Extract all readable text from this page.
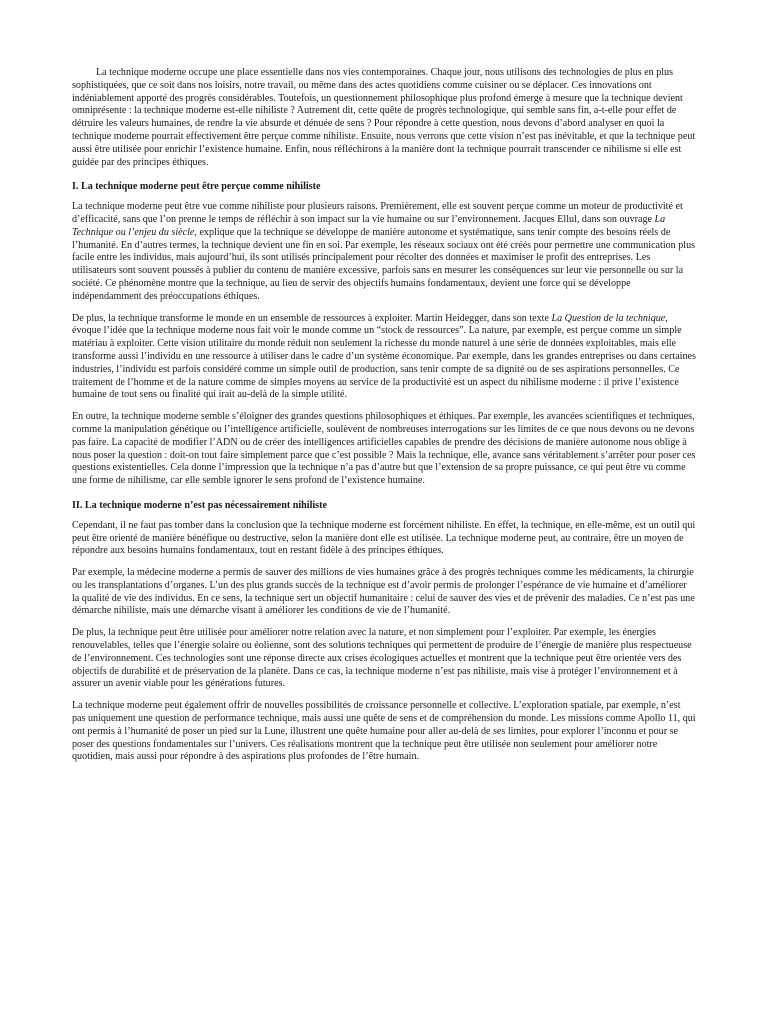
La technique moderne occupe une place essentielle dans nos vies contemporaines. Chaque jour, nous utilisons des technologies de plus en plus sophistiquées, que ce soit dans nos loisirs, notre travail, ou même dans des actes quotidiens comme cuisiner ou se déplacer. Ces innovations ont indéniablement apporté des progrès considérables. Toutefois, un questionnement philosophique plus profond émerge à mesure que la technique devient omniprésente : la technique moderne est-elle nihiliste ? Autrement dit, cette quête de progrès technologique, qui semble sans fin, a-t-elle pour effet de détruire les valeurs humaines, de rendre la vie absurde et dénuée de sens ? Pour répondre à cette question, nous devons d’abord analyser en quoi la technique moderne pourrait effectivement être perçue comme nihiliste. Ensuite, nous verrons que cette vision n’est pas inévitable, et que la technique peut aussi être utilisée pour enrichir l’existence humaine. Enfin, nous réfléchirons à la manière dont la technique pourrait transcender ce nihilisme si elle est guidée par des principes éthiques.

I. La technique moderne peut être perçue comme nihiliste

La technique moderne peut être vue comme nihiliste pour plusieurs raisons. Premièrement, elle est souvent perçue comme un moteur de productivité et d’efficacité, sans que l’on prenne le temps de réfléchir à son impact sur la vie humaine ou sur l’environnement. Jacques Ellul, dans son ouvrage La Technique ou l’enjeu du siècle, explique que la technique se développe de manière autonome et systématique, sans tenir compte des besoins réels de l’humanité. En d’autres termes, la technique devient une fin en soi. Par exemple, les réseaux sociaux ont été créés pour permettre une communication plus facile entre les individus, mais aujourd’hui, ils sont utilisés principalement pour récolter des données et maximiser le profit des entreprises. Les utilisateurs sont souvent poussés à publier du contenu de manière excessive, parfois sans en mesurer les conséquences sur leur vie personnelle ou sur la société. Ce phénomène montre que la technique, au lieu de servir des objectifs humains fondamentaux, devient une force qui se développe indépendamment des préoccupations éthiques.

De plus, la technique transforme le monde en un ensemble de ressources à exploiter. Martin Heidegger, dans son texte La Question de la technique, évoque l’idée que la technique moderne nous fait voir le monde comme un “stock de ressources”. La nature, par exemple, est perçue comme un simple matériau à exploiter. Cette vision utilitaire du monde réduit non seulement la richesse du monde naturel à une série de données exploitables, mais elle transforme aussi l’individu en une ressource à utiliser dans le cadre d’un système économique. Par exemple, dans les grandes entreprises ou dans certaines industries, l’individu est parfois considéré comme un simple outil de production, sans tenir compte de sa dignité ou de ses aspirations personnelles. Ce traitement de l’homme et de la nature comme de simples moyens au service de la productivité est un aspect du nihilisme moderne : il prive l’existence humaine de tout sens ou finalité qui irait au-delà de la simple utilité.

En outre, la technique moderne semble s’éloigner des grandes questions philosophiques et éthiques. Par exemple, les avancées scientifiques et techniques, comme la manipulation génétique ou l’intelligence artificielle, soulèvent de nombreuses interrogations sur les limites de ce que nous devons ou ne devons pas faire. La capacité de modifier l’ADN ou de créer des intelligences artificielles capables de prendre des décisions de manière autonome nous oblige à nous poser la question : doit-on tout faire simplement parce que c’est possible ? Mais la technique, elle, avance sans véritablement s’arrêter pour poser ces questions existentielles. Cela donne l’impression que la technique n’a pas d’autre but que l’extension de sa propre puissance, ce qui peut être vu comme une forme de nihilisme, car elle semble ignorer le sens profond de l’existence humaine.

II. La technique moderne n’est pas nécessairement nihiliste

Cependant, il ne faut pas tomber dans la conclusion que la technique moderne est forcément nihiliste. En effet, la technique, en elle-même, est un outil qui peut être orienté de manière bénéfique ou destructive, selon la manière dont elle est utilisée. La technique moderne peut, au contraire, être un moyen de répondre aux besoins humains fondamentaux, tout en restant fidèle à des principes éthiques.

Par exemple, la médecine moderne a permis de sauver des millions de vies humaines grâce à des progrès techniques comme les médicaments, la chirurgie ou les transplantations d’organes. L’un des plus grands succès de la technique est d’avoir permis de prolonger l’espérance de vie humaine et d’améliorer la qualité de vie des individus. En ce sens, la technique sert un objectif humanitaire : celui de sauver des vies et de prévenir des maladies. Ce n’est pas une démarche nihiliste, mais une démarche visant à améliorer les conditions de vie de l’humanité.

De plus, la technique peut être utilisée pour améliorer notre relation avec la nature, et non simplement pour l’exploiter. Par exemple, les énergies renouvelables, telles que l’énergie solaire ou éolienne, sont des solutions techniques qui permettent de produire de l’énergie de manière plus respectueuse de l’environnement. Ces technologies sont une réponse directe aux crises écologiques actuelles et montrent que la technique peut être orientée vers des objectifs de durabilité et de préservation de la planète. Dans ce cas, la technique moderne n’est pas nihiliste, mais vise à protéger l’environnement et à assurer un avenir viable pour les générations futures.

La technique moderne peut également offrir de nouvelles possibilités de croissance personnelle et collective. L’exploration spatiale, par exemple, n’est pas uniquement une question de performance technique, mais aussi une quête de sens et de compréhension du monde. Les missions comme Apollo 11, qui ont permis à l’humanité de poser un pied sur la Lune, illustrent une quête humaine pour aller au-delà de ses limites, pour explorer l’inconnu et pour se poser des questions fondamentales sur l’univers. Ces réalisations montrent que la technique peut être utilisée non seulement pour améliorer notre quotidien, mais aussi pour répondre à des aspirations plus profondes de l’être humain.
